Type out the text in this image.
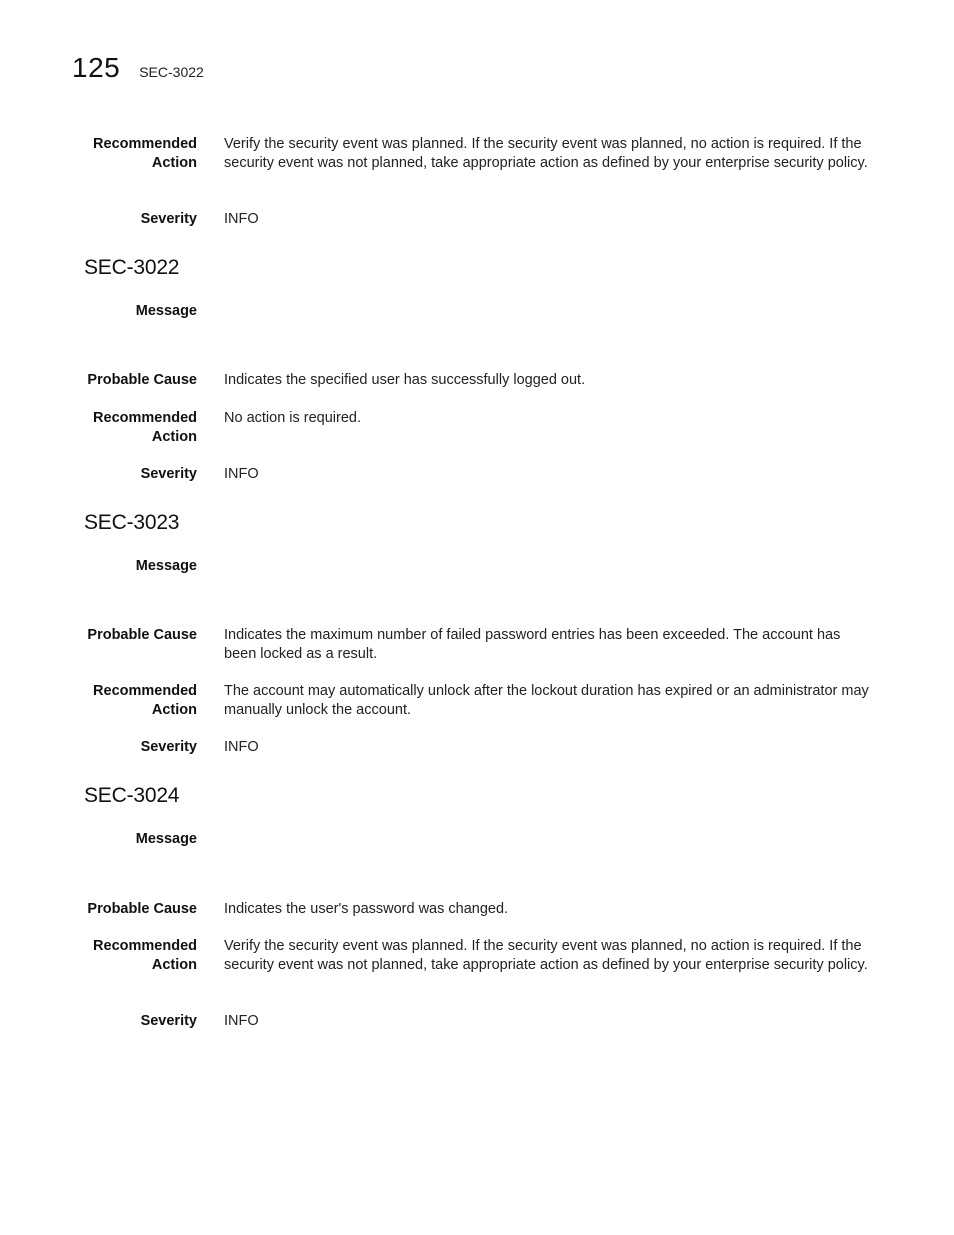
125 SEC-3022
Recommended Action
Verify the security event was planned. If the security event was planned, no action is required. If the security event was not planned, take appropriate action as defined by your enterprise security policy.
Severity INFO
SEC-3022
Message
Probable Cause Indicates the specified user has successfully logged out.
Recommended Action
No action is required.
Severity INFO
SEC-3023
Message
Probable Cause Indicates the maximum number of failed password entries has been exceeded. The account has been locked as a result.
Recommended Action
The account may automatically unlock after the lockout duration has expired or an administrator may manually unlock the account.
Severity INFO
SEC-3024
Message
Probable Cause Indicates the user's password was changed.
Recommended Action
Verify the security event was planned. If the security event was planned, no action is required. If the security event was not planned, take appropriate action as defined by your enterprise security policy.
Severity INFO
